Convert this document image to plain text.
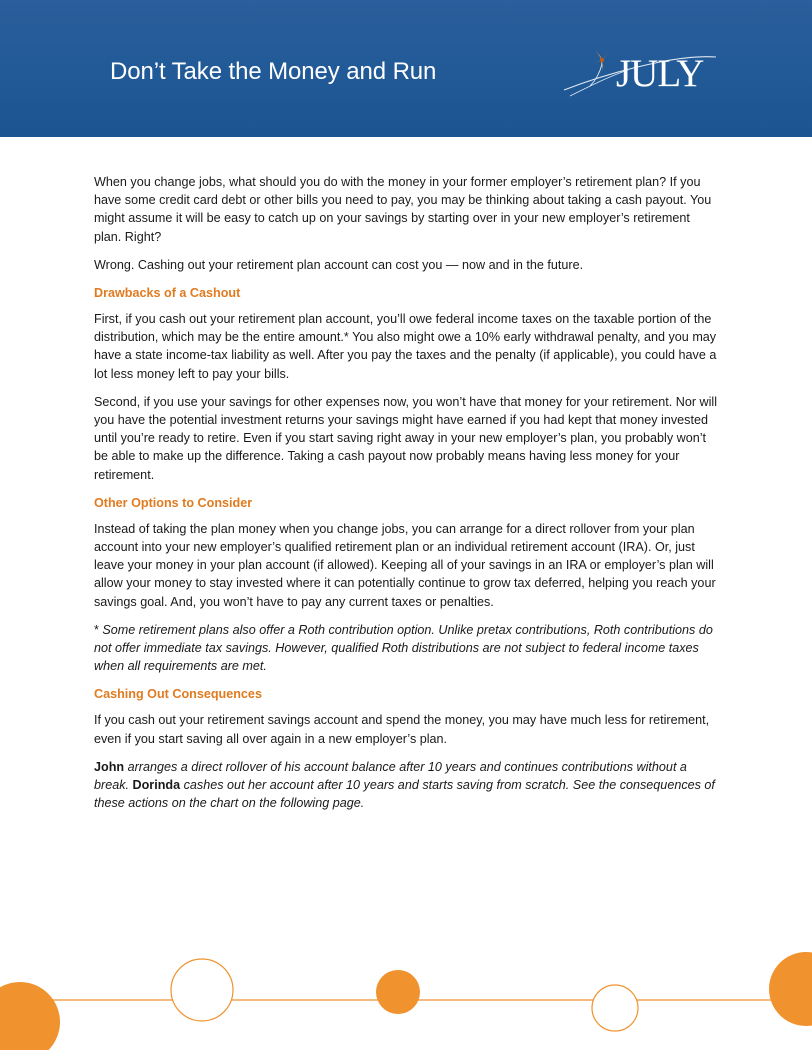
Don’t Take the Money and Run	JULY

When you change jobs, what should you do with the money in your former employer’s retirement plan? If you have some credit card debt or other bills you need to pay, you may be thinking about taking a cash payout. You might assume it will be easy to catch up on your savings by starting over in your new employer’s retirement plan. Right?

Wrong. Cashing out your retirement plan account can cost you — now and in the future.

Drawbacks of a Cashout

First, if you cash out your retirement plan account, you’ll owe federal income taxes on the taxable portion of the distribution, which may be the entire amount.* You also might owe a 10% early withdrawal penalty, and you may have a state income-tax liability as well. After you pay the taxes and the penalty (if applicable), you could have a lot less money left to pay your bills.

Second, if you use your savings for other expenses now, you won’t have that money for your retirement. Nor will you have the potential investment returns your savings might have earned if you had kept that money invested until you’re ready to retire. Even if you start saving right away in your new employer’s plan, you probably won’t be able to make up the difference. Taking a cash payout now probably means having less money for your retirement.

Other Options to Consider

Instead of taking the plan money when you change jobs, you can arrange for a direct rollover from your plan account into your new employer’s qualified retirement plan or an individual retirement account (IRA). Or, just leave your money in your plan account (if allowed). Keeping all of your savings in an IRA or employer’s plan will allow your money to stay invested where it can potentially continue to grow tax deferred, helping you reach your savings goal. And, you won’t have to pay any current taxes or penalties.

* Some retirement plans also offer a Roth contribution option. Unlike pretax contributions, Roth contributions do not offer immediate tax savings. However, qualified Roth distributions are not subject to federal income taxes when all requirements are met.

Cashing Out Consequences

If you cash out your retirement savings account and spend the money, you may have much less for retirement, even if you start saving all over again in a new employer’s plan.

John arranges a direct rollover of his account balance after 10 years and continues contributions without a break. Dorinda cashes out her account after 10 years and starts saving from scratch. See the consequences of these actions on the chart on the following page.
